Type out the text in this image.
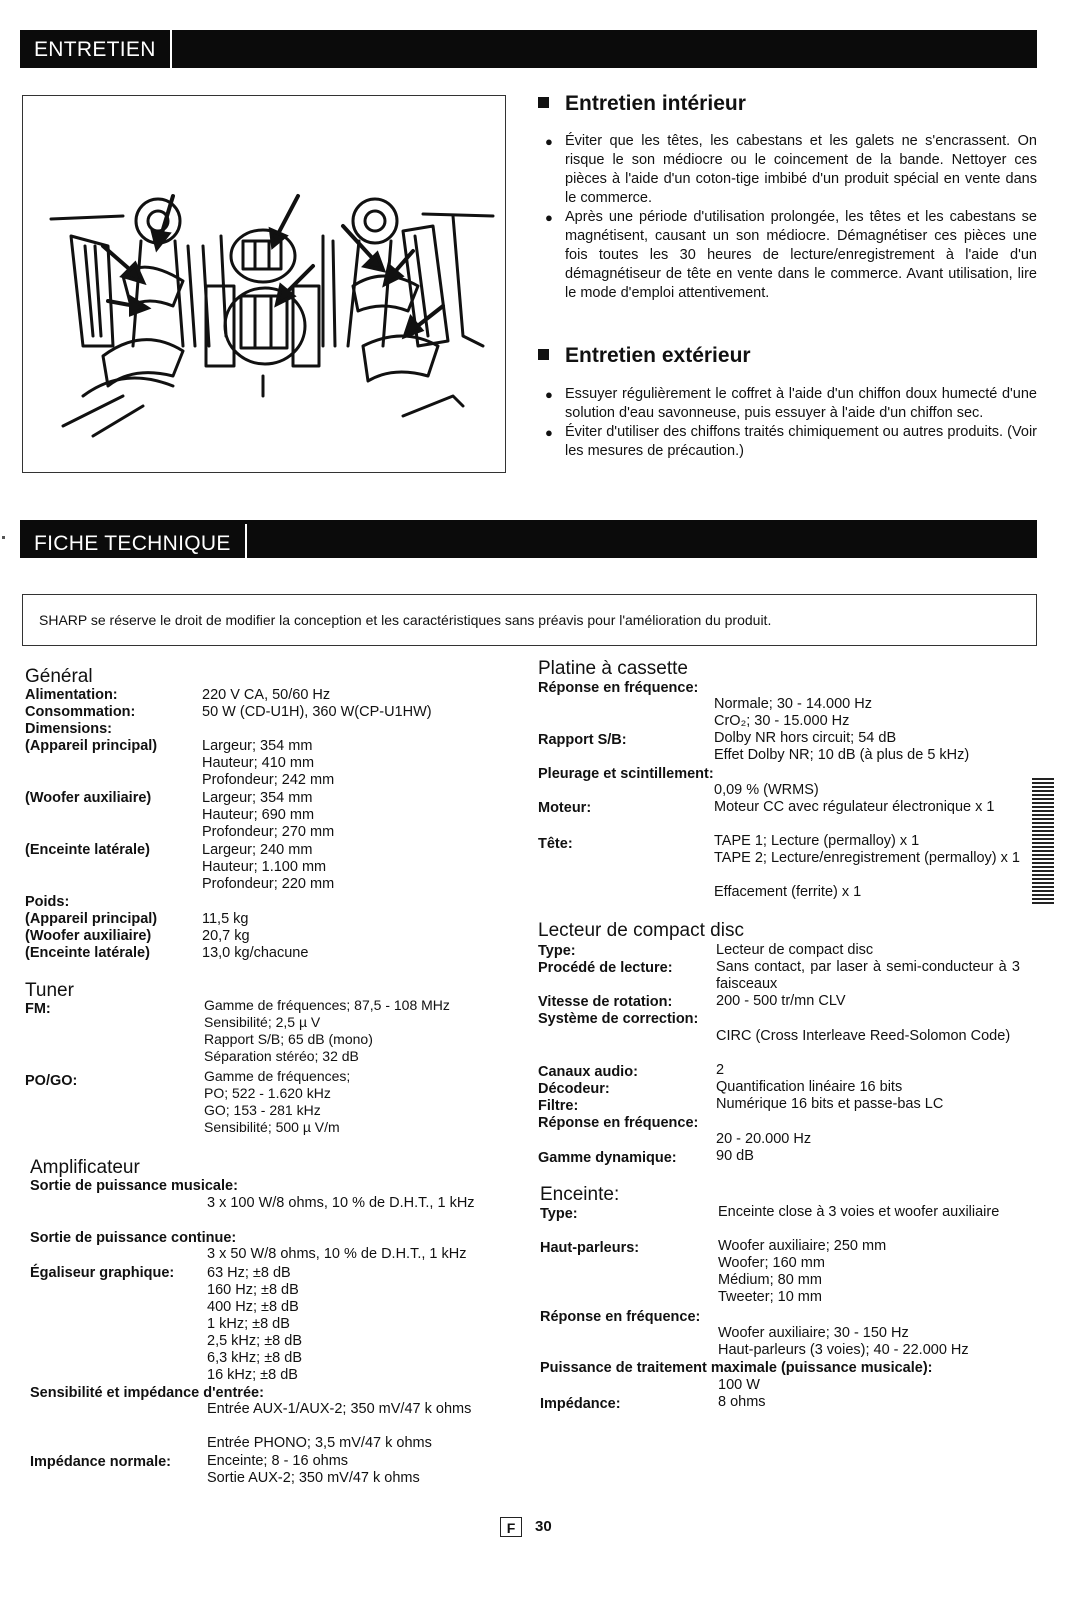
ENTRETIEN
Entretien intérieur
● Éviter que les têtes, les cabestans et les galets ne s'encrassent. On risque le son médiocre ou le coincement de la bande. Nettoyer ces pièces à l'aide d'un coton-tige imbibé d'un produit spécial en vente dans le commerce.
● Après une période d'utilisation prolongée, les têtes et les cabestans se magnétisent, causant un son médiocre. Démagnétiser ces pièces une fois toutes les 30 heures de lecture/enregistrement à l'aide d'un démagnétiseur de tête en vente dans le commerce. Avant utilisation, lire le mode d'emploi attentivement.
Entretien extérieur
● Essuyer régulièrement le coffret à l'aide d'un chiffon doux humecté d'une solution d'eau savonneuse, puis essuyer à l'aide d'un chiffon sec.
● Éviter d'utiliser des chiffons traités chimiquement ou autres produits. (Voir les mesures de précaution.)
FICHE TECHNIQUE
SHARP se réserve le droit de modifier la conception et les caractéristiques sans préavis pour l'amélioration du produit.
Général
Alimentation:	220 V CA, 50/60 Hz
Consommation:	50 W (CD-U1H), 360 W(CP-U1HW)
Dimensions:
(Appareil principal)	Largeur; 354 mm
Hauteur; 410 mm
Profondeur; 242 mm
(Woofer auxiliaire)	Largeur; 354 mm
Hauteur; 690 mm
Profondeur; 270 mm
(Enceinte latérale)	Largeur; 240 mm
Hauteur; 1.100 mm
Profondeur; 220 mm
Poids:
(Appareil principal)	11,5 kg
(Woofer auxiliaire)	20,7 kg
(Enceinte latérale)	13,0 kg/chacune
Tuner
FM:	Gamme de fréquences; 87,5 - 108 MHz
Sensibilité; 2,5 µ V
Rapport S/B; 65 dB (mono)
Séparation stéréo; 32 dB
PO/GO:	Gamme de fréquences;
PO; 522 - 1.620 kHz
GO; 153 - 281 kHz
Sensibilité; 500 µ V/m
Amplificateur
Sortie de puissance musicale:
3 x 100 W/8 ohms, 10 % de D.H.T., 1 kHz
Sortie de puissance continue:
3 x 50 W/8 ohms, 10 % de D.H.T., 1 kHz
Égaliseur graphique: 63 Hz; ±8 dB
160 Hz; ±8 dB
400 Hz; ±8 dB
1 kHz; ±8 dB
2,5 kHz; ±8 dB
6,3 kHz; ±8 dB
16 kHz; ±8 dB
Sensibilité et impédance d'entrée:
Entrée AUX-1/AUX-2; 350 mV/47 k ohms
Entrée PHONO; 3,5 mV/47 k ohms
Impédance normale: Enceinte; 8 - 16 ohms
Sortie AUX-2; 350 mV/47 k ohms
Platine à cassette
Réponse en fréquence:
Normale; 30 - 14.000 Hz
CrO₂; 30 - 15.000 Hz
Rapport S/B:	Dolby NR hors circuit; 54 dB
Effet Dolby NR; 10 dB (à plus de 5 kHz)
Pleurage et scintillement:
0,09 % (WRMS)
Moteur:	Moteur CC avec régulateur électronique x 1
Tête:	TAPE 1; Lecture (permalloy) x 1
TAPE 2; Lecture/enregistrement (permalloy) x 1
Effacement (ferrite) x 1
Lecteur de compact disc
Type:	Lecteur de compact disc
Procédé de lecture:	Sans contact, par laser à semi-conducteur à 3 faisceaux
Vitesse de rotation:	200 - 500 tr/mn CLV
Système de correction:
CIRC (Cross Interleave Reed-Solomon Code)
Canaux audio:	2
Décodeur:	Quantification linéaire 16 bits
Filtre:	Numérique 16 bits et passe-bas LC
Réponse en fréquence:
20 - 20.000 Hz
Gamme dynamique:	90 dB
Enceinte:
Type:	Enceinte close à 3 voies et woofer auxiliaire
Haut-parleurs:	Woofer auxiliaire; 250 mm
Woofer; 160 mm
Médium; 80 mm
Tweeter; 10 mm
Réponse en fréquence:
Woofer auxiliaire; 30 - 150 Hz
Haut-parleurs (3 voies); 40 - 22.000 Hz
Puissance de traitement maximale (puissance musicale):
100 W
Impédance:	8 ohms
F	30
